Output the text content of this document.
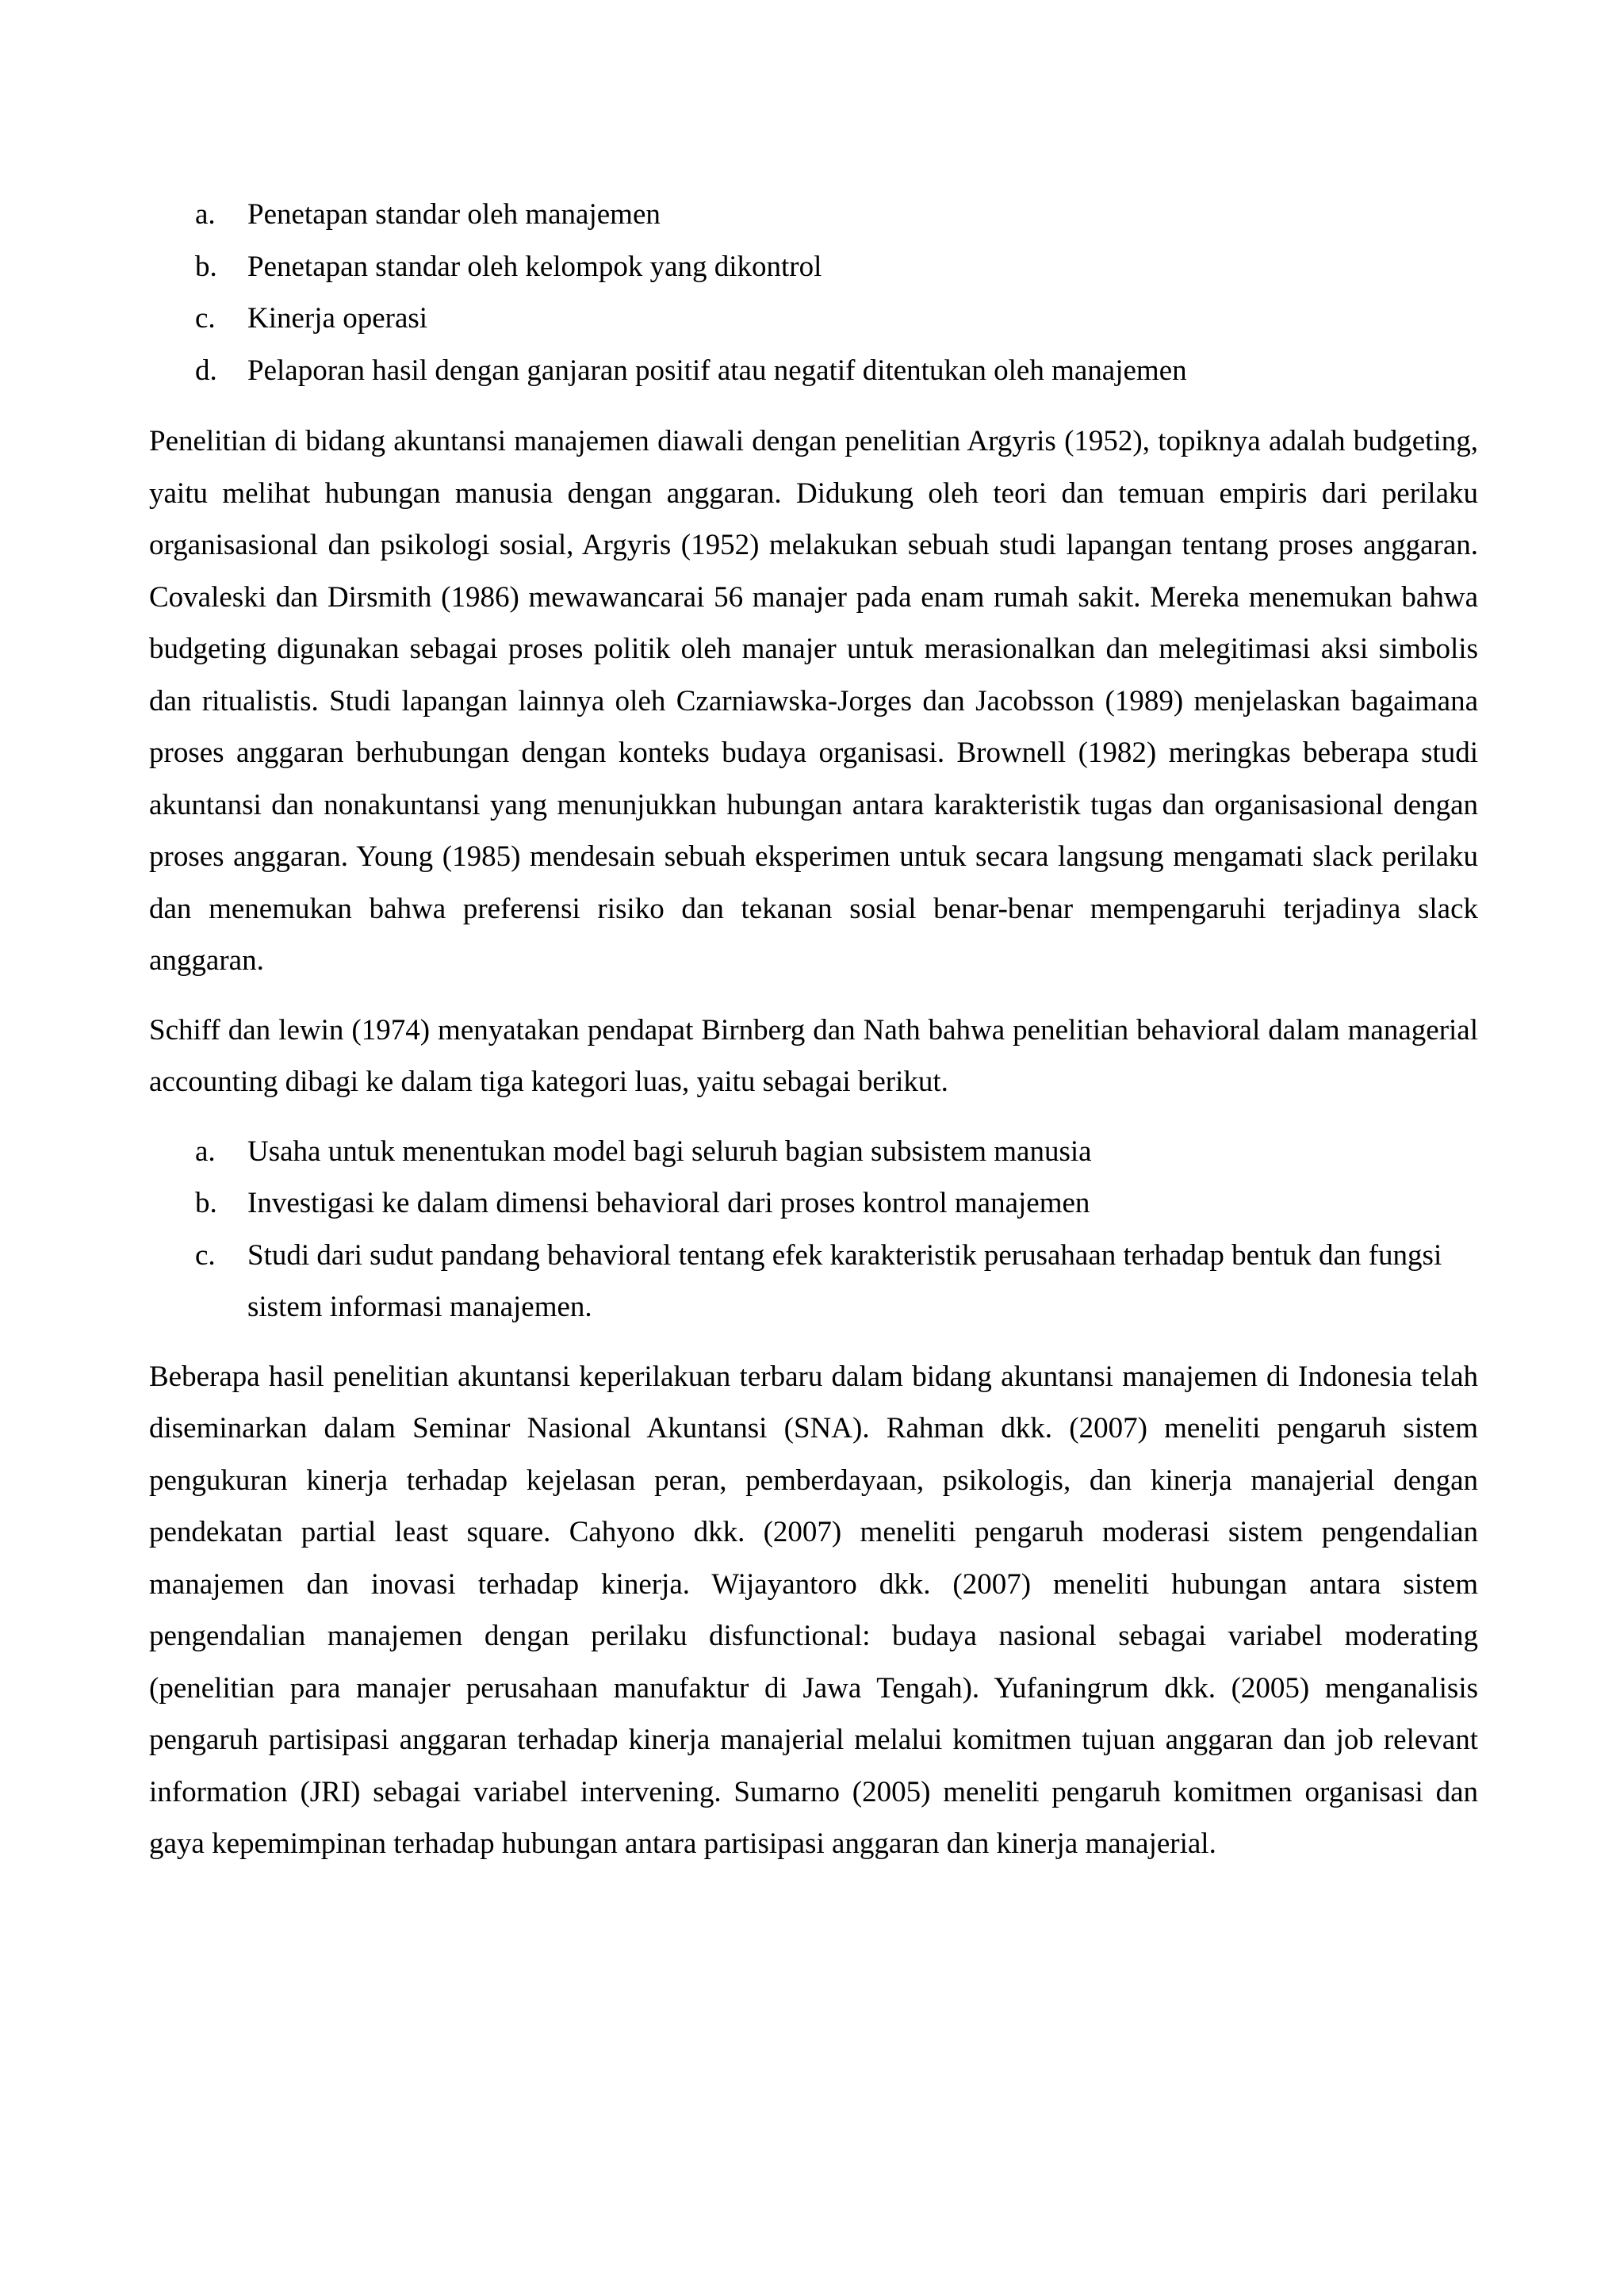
a. Penetapan standar oleh manajemen
b. Penetapan standar oleh kelompok yang dikontrol
c. Kinerja operasi
d. Pelaporan hasil dengan ganjaran positif atau negatif ditentukan oleh manajemen

Penelitian di bidang akuntansi manajemen diawali dengan penelitian Argyris (1952), topiknya adalah budgeting, yaitu melihat hubungan manusia dengan anggaran. Didukung oleh teori dan temuan empiris dari perilaku organisasional dan psikologi sosial, Argyris (1952) melakukan sebuah studi lapangan tentang proses anggaran. Covaleski dan Dirsmith (1986) mewawancarai 56 manajer pada enam rumah sakit. Mereka menemukan bahwa budgeting digunakan sebagai proses politik oleh manajer untuk merasionalkan dan melegitimasi aksi simbolis dan ritualistis. Studi lapangan lainnya oleh Czarniawska-Jorges dan Jacobsson (1989) menjelaskan bagaimana proses anggaran berhubungan dengan konteks budaya organisasi. Brownell (1982) meringkas beberapa studi akuntansi dan nonakuntansi yang menunjukkan hubungan antara karakteristik tugas dan organisasional dengan proses anggaran. Young (1985) mendesain sebuah eksperimen untuk secara langsung mengamati slack perilaku dan menemukan bahwa preferensi risiko dan tekanan sosial benar-benar mempengaruhi terjadinya slack anggaran.

Schiff dan lewin (1974) menyatakan pendapat Birnberg dan Nath bahwa penelitian behavioral dalam managerial accounting dibagi ke dalam tiga kategori luas, yaitu sebagai berikut.

a. Usaha untuk menentukan model bagi seluruh bagian subsistem manusia
b. Investigasi ke dalam dimensi behavioral dari proses kontrol manajemen
c. Studi dari sudut pandang behavioral tentang efek karakteristik perusahaan terhadap bentuk dan fungsi sistem informasi manajemen.

Beberapa hasil penelitian akuntansi keperilakuan terbaru dalam bidang akuntansi manajemen di Indonesia telah diseminarkan dalam Seminar Nasional Akuntansi (SNA). Rahman dkk. (2007) meneliti pengaruh sistem pengukuran kinerja terhadap kejelasan peran, pemberdayaan, psikologis, dan kinerja manajerial dengan pendekatan partial least square. Cahyono dkk. (2007) meneliti pengaruh moderasi sistem pengendalian manajemen dan inovasi terhadap kinerja. Wijayantoro dkk. (2007) meneliti hubungan antara sistem pengendalian manajemen dengan perilaku disfunctional: budaya nasional sebagai variabel moderating (penelitian para manajer perusahaan manufaktur di Jawa Tengah). Yufaningrum dkk. (2005) menganalisis pengaruh partisipasi anggaran terhadap kinerja manajerial melalui komitmen tujuan anggaran dan job relevant information (JRI) sebagai variabel intervening. Sumarno (2005) meneliti pengaruh komitmen organisasi dan gaya kepemimpinan terhadap hubungan antara partisipasi anggaran dan kinerja manajerial.
